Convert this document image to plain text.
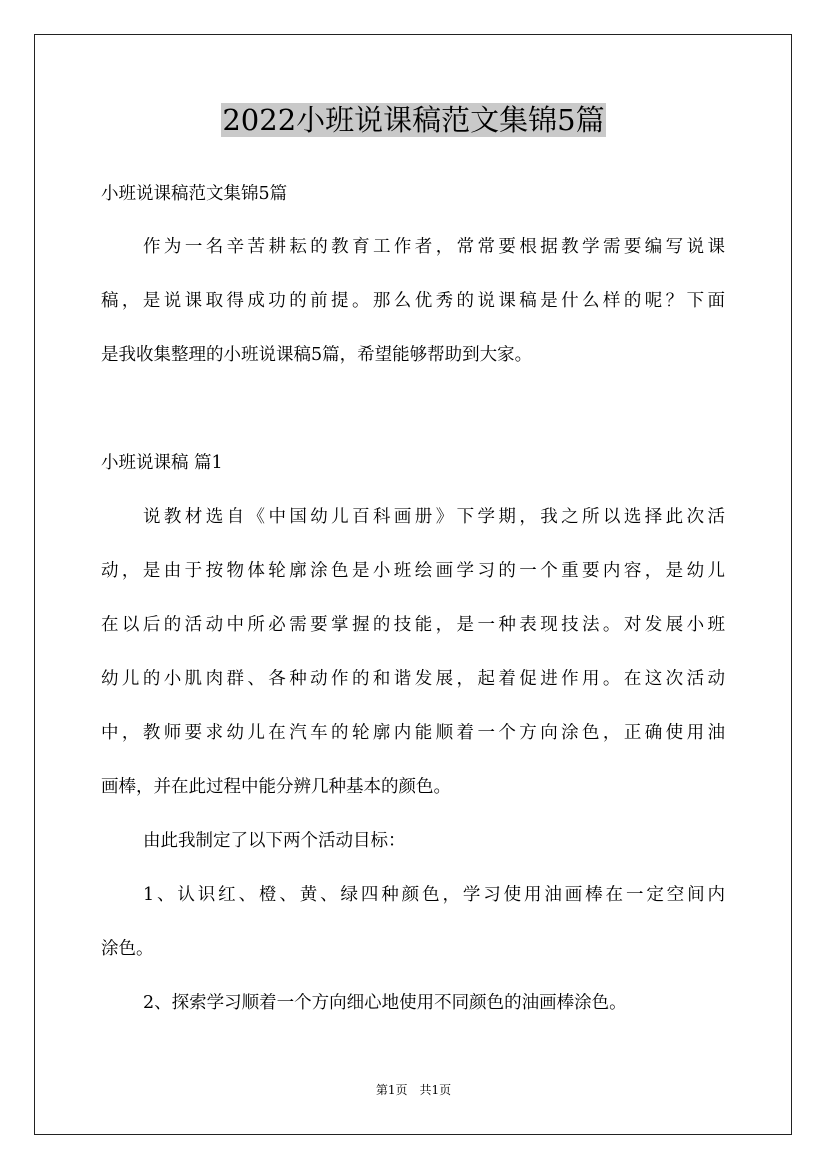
2022小班说课稿范文集锦5篇
小班说课稿范文集锦5篇
作为一名辛苦耕耘的教育工作者，常常要根据教学需要编写说课
稿，是说课取得成功的前提。那么优秀的说课稿是什么样的呢？下面
是我收集整理的小班说课稿5篇，希望能够帮助到大家。
小班说课稿 篇1
说教材选自《中国幼儿百科画册》下学期，我之所以选择此次活
动，是由于按物体轮廓涂色是小班绘画学习的一个重要内容，是幼儿
在以后的活动中所必需要掌握的技能，是一种表现技法。对发展小班
幼儿的小肌肉群、各种动作的和谐发展，起着促进作用。在这次活动
中，教师要求幼儿在汽车的轮廓内能顺着一个方向涂色，正确使用油
画棒，并在此过程中能分辨几种基本的颜色。
由此我制定了以下两个活动目标：
1、认识红、橙、黄、绿四种颜色，学习使用油画棒在一定空间内
涂色。
2、探索学习顺着一个方向细心地使用不同颜色的油画棒涂色。
第1页　共1页
